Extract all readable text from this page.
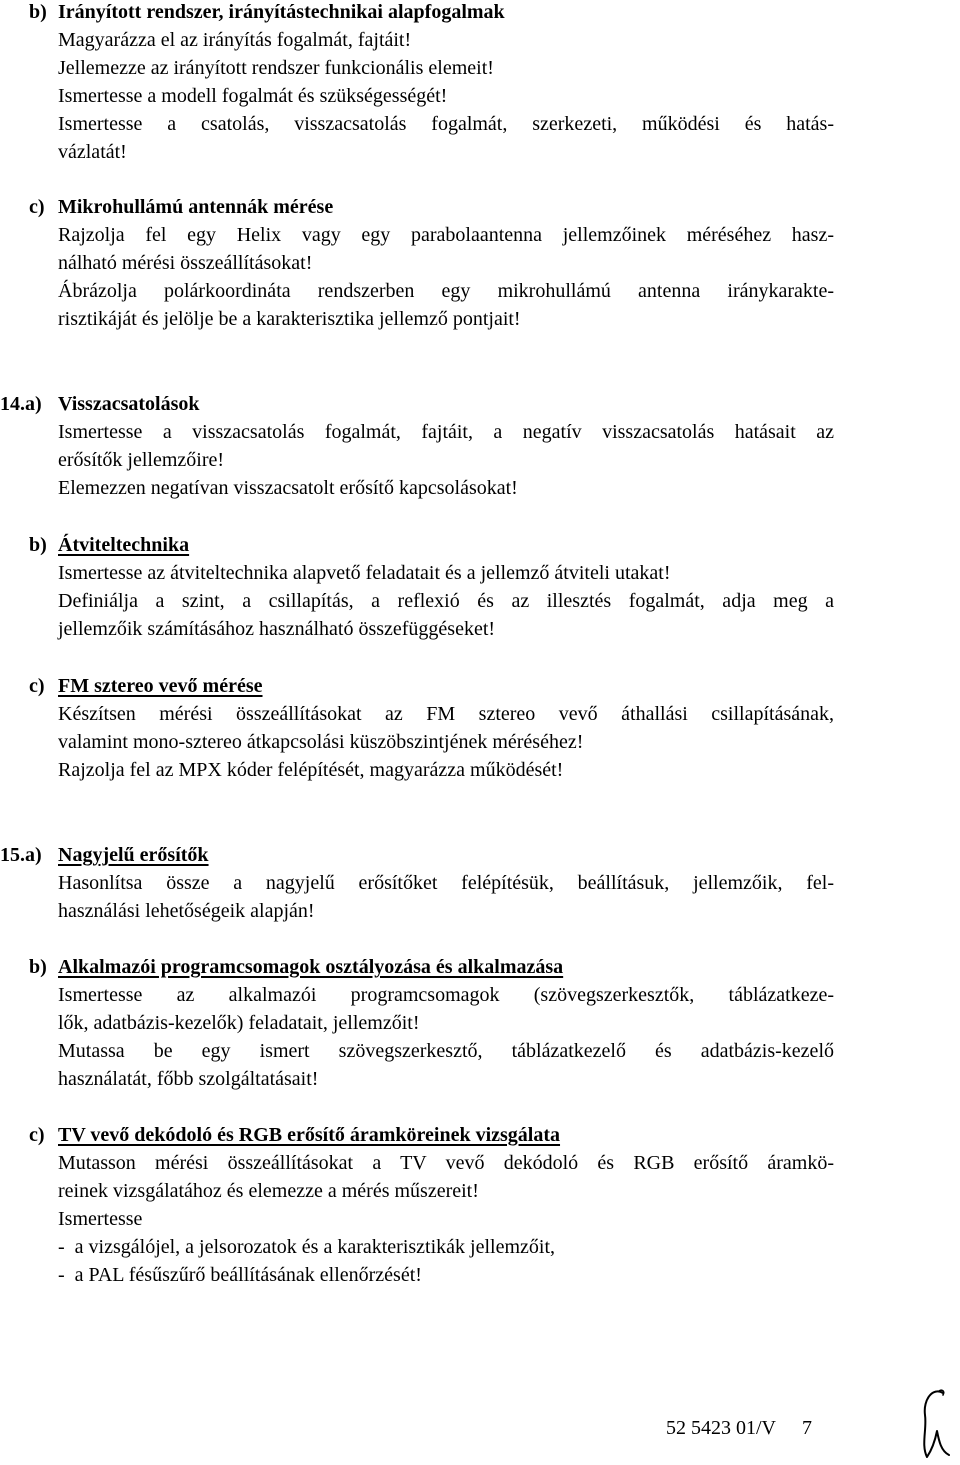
b) Irányított rendszer, irányítástechnikai alapfogalmak
Magyarázza el az irányítás fogalmát, fajtáit!
Jellemezze az irányított rendszer funkcionális elemeit!
Ismertesse a modell fogalmát és szükségességét!
Ismertesse a csatolás, visszacsatolás fogalmát, szerkezeti, működési és hatás-
vázlatát!
c) Mikrohullámú antennák mérése
Rajzolja fel egy Helix vagy egy parabolaantenna jellemzőinek méréséhez hasz-
nálható mérési összeállításokat!
Ábrázolja polárkoordináta rendszerben egy mikrohullámú antenna iránykarakte-
risztikáját és jelölje be a karakterisztika jellemző pontjait!
14.a) Visszacsatolások
Ismertesse a visszacsatolás fogalmát, fajtáit, a negatív visszacsatolás hatásait az
erősítők jellemzőire!
Elemezzen negatívan visszacsatolt erősítő kapcsolásokat!
b) Átviteltechnika
Ismertesse az átviteltechnika alapvető feladatait és a jellemző átviteli utakat!
Definiálja a szint, a csillapítás, a reflexió és az illesztés fogalmát, adja meg a
jellemzőik számításához használható összefüggéseket!
c) FM sztereo vevő mérése
Készítsen mérési összeállításokat az FM sztereo vevő áthallási csillapításának,
valamint mono-sztereo átkapcsolási küszöbszintjének méréséhez!
Rajzolja fel az MPX kóder felépítését, magyarázza működését!
15.a) Nagyjelű erősítők
Hasonlítsa össze a nagyjelű erősítőket felépítésük, beállításuk, jellemzőik, fel-
használási lehetőségeik alapján!
b) Alkalmazói programcsomagok osztályozása és alkalmazása
Ismertesse az alkalmazói programcsomagok (szövegszerkesztők, táblázatkeze-
lők, adatbázis-kezelők) feladatait, jellemzőit!
Mutassa be egy ismert szövegszerkesztő, táblázatkezelő és adatbázis-kezelő
használatát, főbb szolgáltatásait!
c) TV vevő dekódoló és RGB erősítő áramköreinek vizsgálata
Mutasson mérési összeállításokat a TV vevő dekódoló és RGB erősítő áramkö-
reinek vizsgálatához és elemezze a mérés műszereit!
Ismertesse
-  a vizsgálójel, a jelsorozatok és a karakterisztikák jellemzőit,
-  a PAL fésűszűrő beállításának ellenőrzését!
52 5423 01/V 7
